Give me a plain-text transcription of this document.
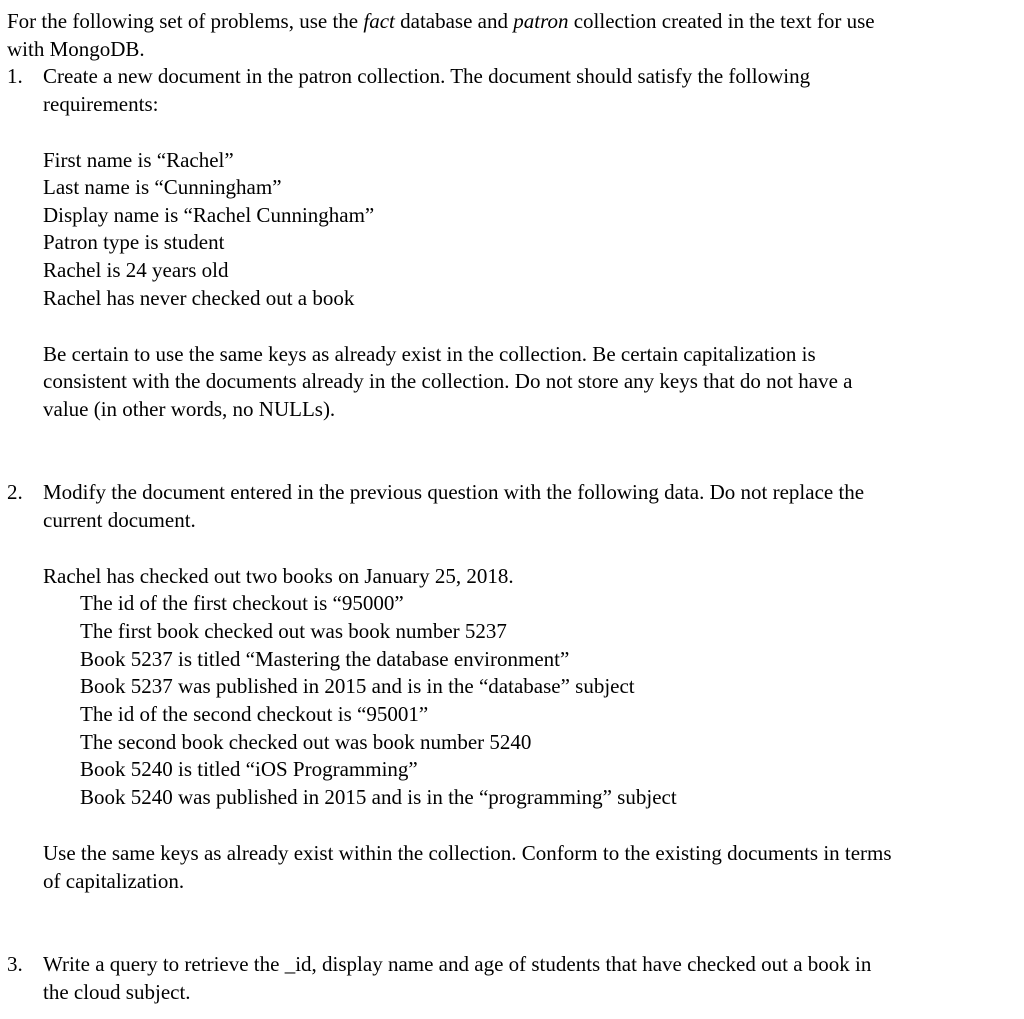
For the following set of problems, use the fact database and patron collection created in the text for use
with MongoDB.
1. Create a new document in the patron collection. The document should satisfy the following
requirements:
First name is “Rachel”
Last name is “Cunningham”
Display name is “Rachel Cunningham”
Patron type is student
Rachel is 24 years old
Rachel has never checked out a book
Be certain to use the same keys as already exist in the collection. Be certain capitalization is
consistent with the documents already in the collection. Do not store any keys that do not have a
value (in other words, no NULLs).
2. Modify the document entered in the previous question with the following data. Do not replace the
current document.
Rachel has checked out two books on January 25, 2018.
The id of the first checkout is “95000”
The first book checked out was book number 5237
Book 5237 is titled “Mastering the database environment”
Book 5237 was published in 2015 and is in the “database” subject
The id of the second checkout is “95001”
The second book checked out was book number 5240
Book 5240 is titled “iOS Programming”
Book 5240 was published in 2015 and is in the “programming” subject
Use the same keys as already exist within the collection. Conform to the existing documents in terms
of capitalization.
3. Write a query to retrieve the _id, display name and age of students that have checked out a book in
the cloud subject.
